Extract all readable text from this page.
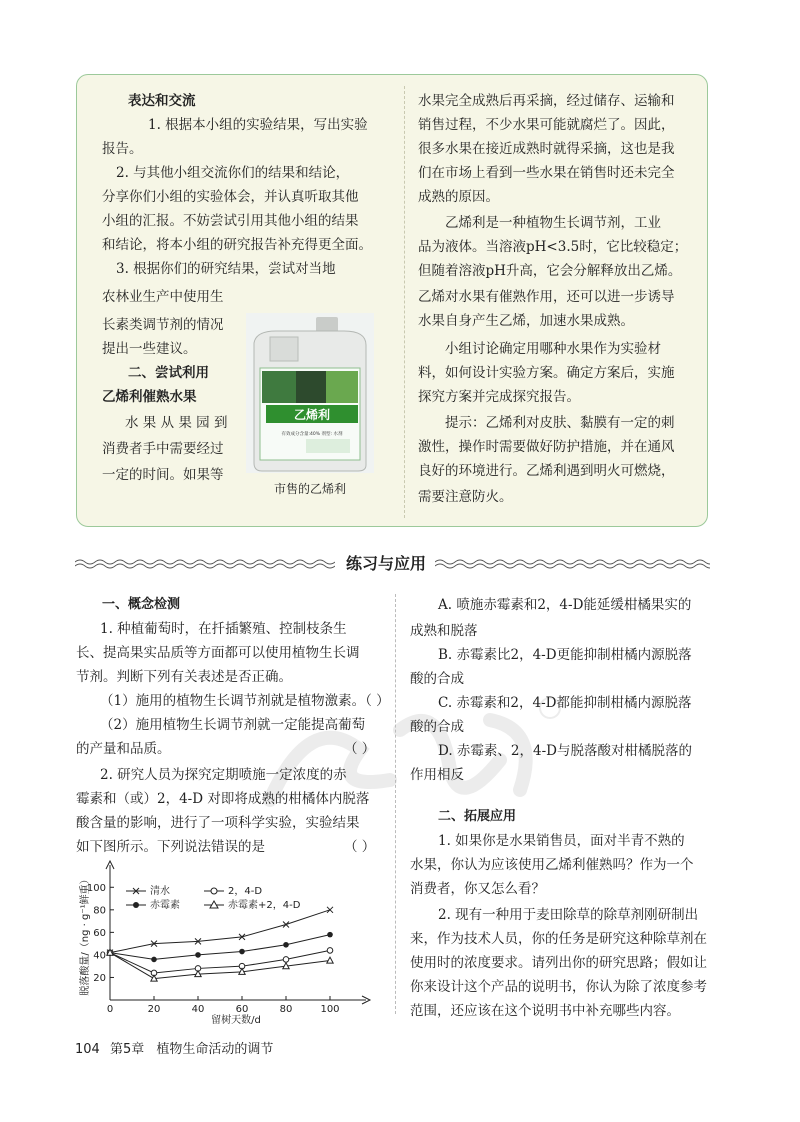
表达和交流
1. 根据本小组的实验结果，写出实验
报告。
2. 与其他小组交流你们的结果和结论，
分享你们小组的实验体会，并认真听取其他
小组的汇报。不妨尝试引用其他小组的结果
和结论，将本小组的研究报告补充得更全面。
3. 根据你们的研究结果，尝试对当地
农林业生产中使用生
长素类调节剂的情况
提出一些建议。
二、尝试利用
乙烯利催熟水果
水 果 从 果 园 到
消费者手中需要经过
一定的时间。如果等
乙烯利
有效成分含量:40% 剂型: 水剂
市售的乙烯利
水果完全成熟后再采摘，经过储存、运输和
销售过程，不少水果可能就腐烂了。因此，
很多水果在接近成熟时就得采摘，这也是我
们在市场上看到一些水果在销售时还未完全
成熟的原因。
乙烯利是一种植物生长调节剂，工业
品为液体。当溶液pH<3.5时，它比较稳定；
但随着溶液pH升高，它会分解释放出乙烯。
乙烯对水果有催熟作用，还可以进一步诱导
水果自身产生乙烯，加速水果成熟。
小组讨论确定用哪种水果作为实验材
料，如何设计实验方案。确定方案后，实施
探究方案并完成探究报告。
提示：乙烯利对皮肤、黏膜有一定的刺
激性，操作时需要做好防护措施，并在通风
良好的环境进行。乙烯利遇到明火可燃烧，
需要注意防火。
练习与应用
一、概念检测
1. 种植葡萄时，在扦插繁殖、控制枝条生
长、提高果实品质等方面都可以使用植物生长调
节剂。判断下列有关表述是否正确。
（1）施用的植物生长调节剂就是植物激素。（ ）
（2）施用植物生长调节剂就一定能提高葡萄
的产量和品质。	（ ）
2. 研究人员为探究定期喷施一定浓度的赤
霉素和（或）2，4-D 对即将成熟的柑橘体内脱落
酸含量的影响，进行了一项科学实验，实验结果
如下图所示。下列说法错误的是	（ ）
20
40
60
80
100
0	20	40	60	80	100
脱落酸量/（ng · g⁻¹鲜重）
留树天数/d
清水	2，4-D
赤霉素	赤霉素+2，4-D
A. 喷施赤霉素和2，4-D能延缓柑橘果实的
成熟和脱落
B. 赤霉素比2，4-D更能抑制柑橘内源脱落
酸的合成
C. 赤霉素和2，4-D都能抑制柑橘内源脱落
酸的合成
D. 赤霉素、2，4-D与脱落酸对柑橘脱落的
作用相反
二、拓展应用
1. 如果你是水果销售员，面对半青不熟的
水果，你认为应该使用乙烯利催熟吗？作为一个
消费者，你又怎么看？
2. 现有一种用于麦田除草的除草剂刚研制出
来，作为技术人员，你的任务是研究这种除草剂在
使用时的浓度要求。请列出你的研究思路；假如让
你来设计这个产品的说明书，你认为除了浓度参考
范围，还应该在这个说明书中补充哪些内容。
104 第5章 植物生命活动的调节
